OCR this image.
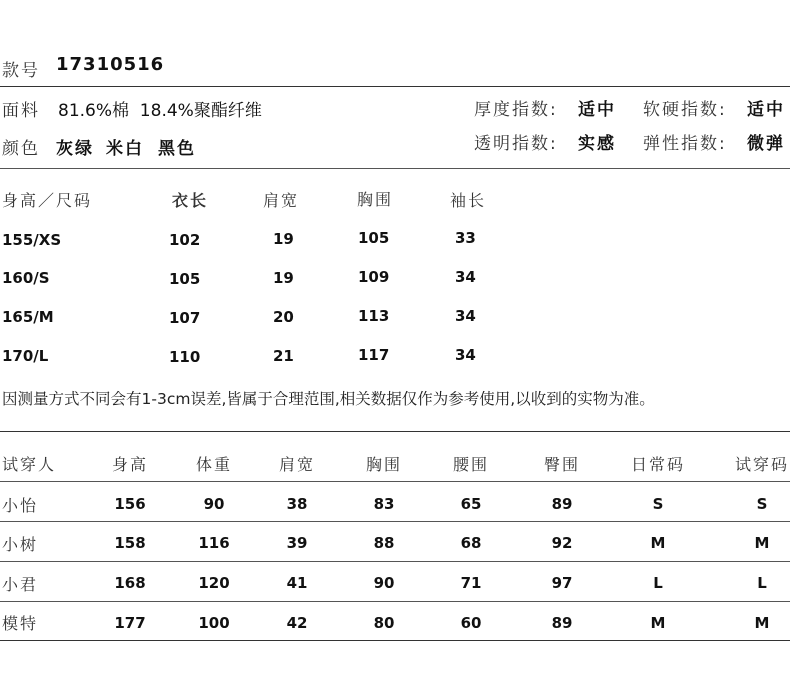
款号 17310516
面料 81.6%棉  18.4%聚酯纤维
颜色 灰绿 米白 黑色
厚度指数: 适中 软硬指数: 适中
透明指数: 实感 弹性指数: 微弹
身高／尺码	衣长	肩宽	胸围	袖长
155/XS	102	19	105	33
160/S	105	19	109	34
165/M	107	20	113	34
170/L	110	21	117	34
因测量方式不同会有1-3cm误差,皆属于合理范围,相关数据仅作为参考使用,以收到的实物为准。
试穿人	身高	体重	肩宽	胸围	腰围	臀围	日常码	试穿码
小怡	156	90	38	83	65	89	S	S
小树	158	116	39	88	68	92	M	M
小君	168	120	41	90	71	97	L	L
模特	177	100	42	80	60	89	M	M
